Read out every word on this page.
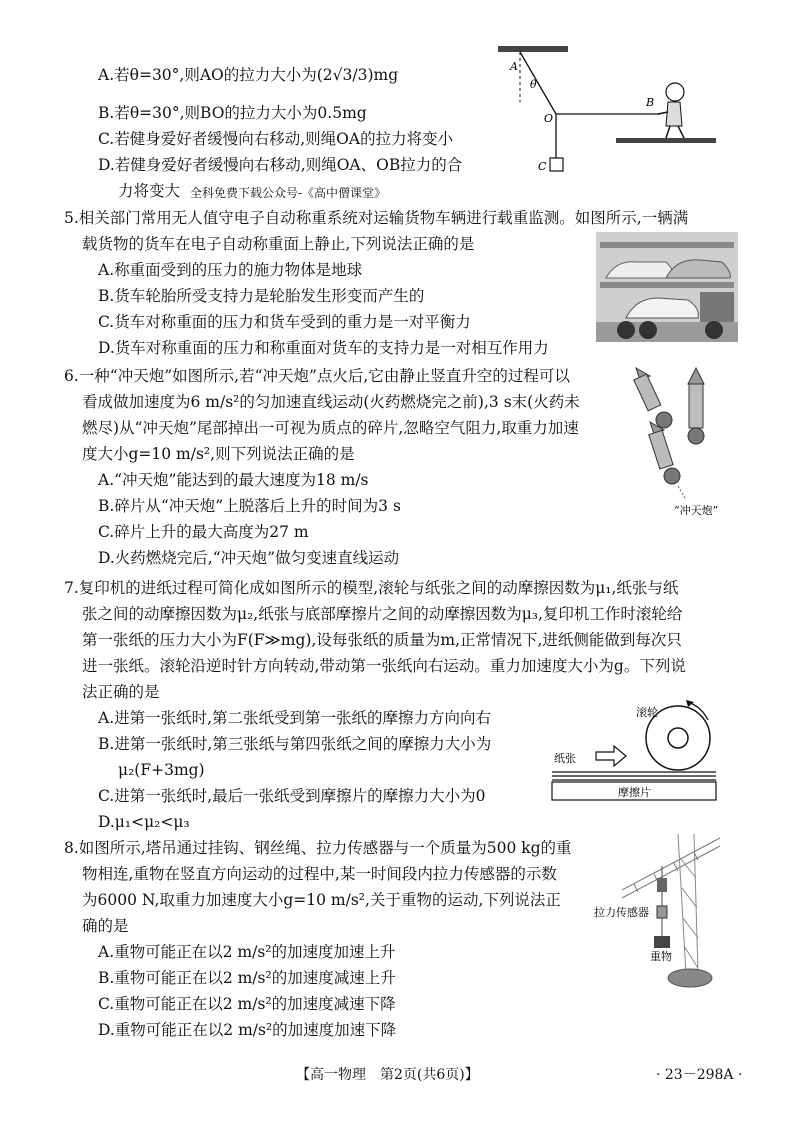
A.若θ=30°,则AO的拉力大小为(2√3/3)mg
B.若θ=30°,则BO的拉力大小为0.5mg
C.若健身爱好者缓慢向右移动,则绳OA的拉力将变小
D.若健身爱好者缓慢向右移动,则绳OA、OB拉力的合
力将变大 全科免费下载公众号-《高中僧课堂》
A
θ
O
B
C
5.相关部门常用无人值守电子自动称重系统对运输货物车辆进行载重监测。如图所示,一辆满
载货物的货车在电子自动称重面上静止,下列说法正确的是
A.称重面受到的压力的施力物体是地球
B.货车轮胎所受支持力是轮胎发生形变而产生的
C.货车对称重面的压力和货车受到的重力是一对平衡力
D.货车对称重面的压力和称重面对货车的支持力是一对相互作用力
6.一种“冲天炮”如图所示,若“冲天炮”点火后,它由静止竖直升空的过程可以
看成做加速度为6 m/s²的匀加速直线运动(火药燃烧完之前),3 s末(火药未
燃尽)从“冲天炮”尾部掉出一可视为质点的碎片,忽略空气阻力,取重力加速
度大小g=10 m/s²,则下列说法正确的是
A.“冲天炮”能达到的最大速度为18 m/s
B.碎片从“冲天炮”上脱落后上升的时间为3 s
C.碎片上升的最大高度为27 m
D.火药燃烧完后,“冲天炮”做匀变速直线运动
“冲天炮”
7.复印机的进纸过程可简化成如图所示的模型,滚轮与纸张之间的动摩擦因数为μ₁,纸张与纸
张之间的动摩擦因数为μ₂,纸张与底部摩擦片之间的动摩擦因数为μ₃,复印机工作时滚轮给
第一张纸的压力大小为F(F≫mg),设每张纸的质量为m,正常情况下,进纸侧能做到每次只
进一张纸。滚轮沿逆时针方向转动,带动第一张纸向右运动。重力加速度大小为g。下列说
法正确的是
A.进第一张纸时,第二张纸受到第一张纸的摩擦力方向向右
B.进第一张纸时,第三张纸与第四张纸之间的摩擦力大小为
μ₂(F+3mg)
C.进第一张纸时,最后一张纸受到摩擦片的摩擦力大小为0
D.μ₁<μ₂<μ₃
滚轮
纸张
摩擦片
8.如图所示,塔吊通过挂钩、钢丝绳、拉力传感器与一个质量为500 kg的重
物相连,重物在竖直方向运动的过程中,某一时间段内拉力传感器的示数
为6000 N,取重力加速度大小g=10 m/s²,关于重物的运动,下列说法正
确的是
A.重物可能正在以2 m/s²的加速度加速上升
B.重物可能正在以2 m/s²的加速度减速上升
C.重物可能正在以2 m/s²的加速度减速下降
D.重物可能正在以2 m/s²的加速度加速下降
拉力传感器
重物
【高一物理　第2页(共6页)】	· 23－298A ·
